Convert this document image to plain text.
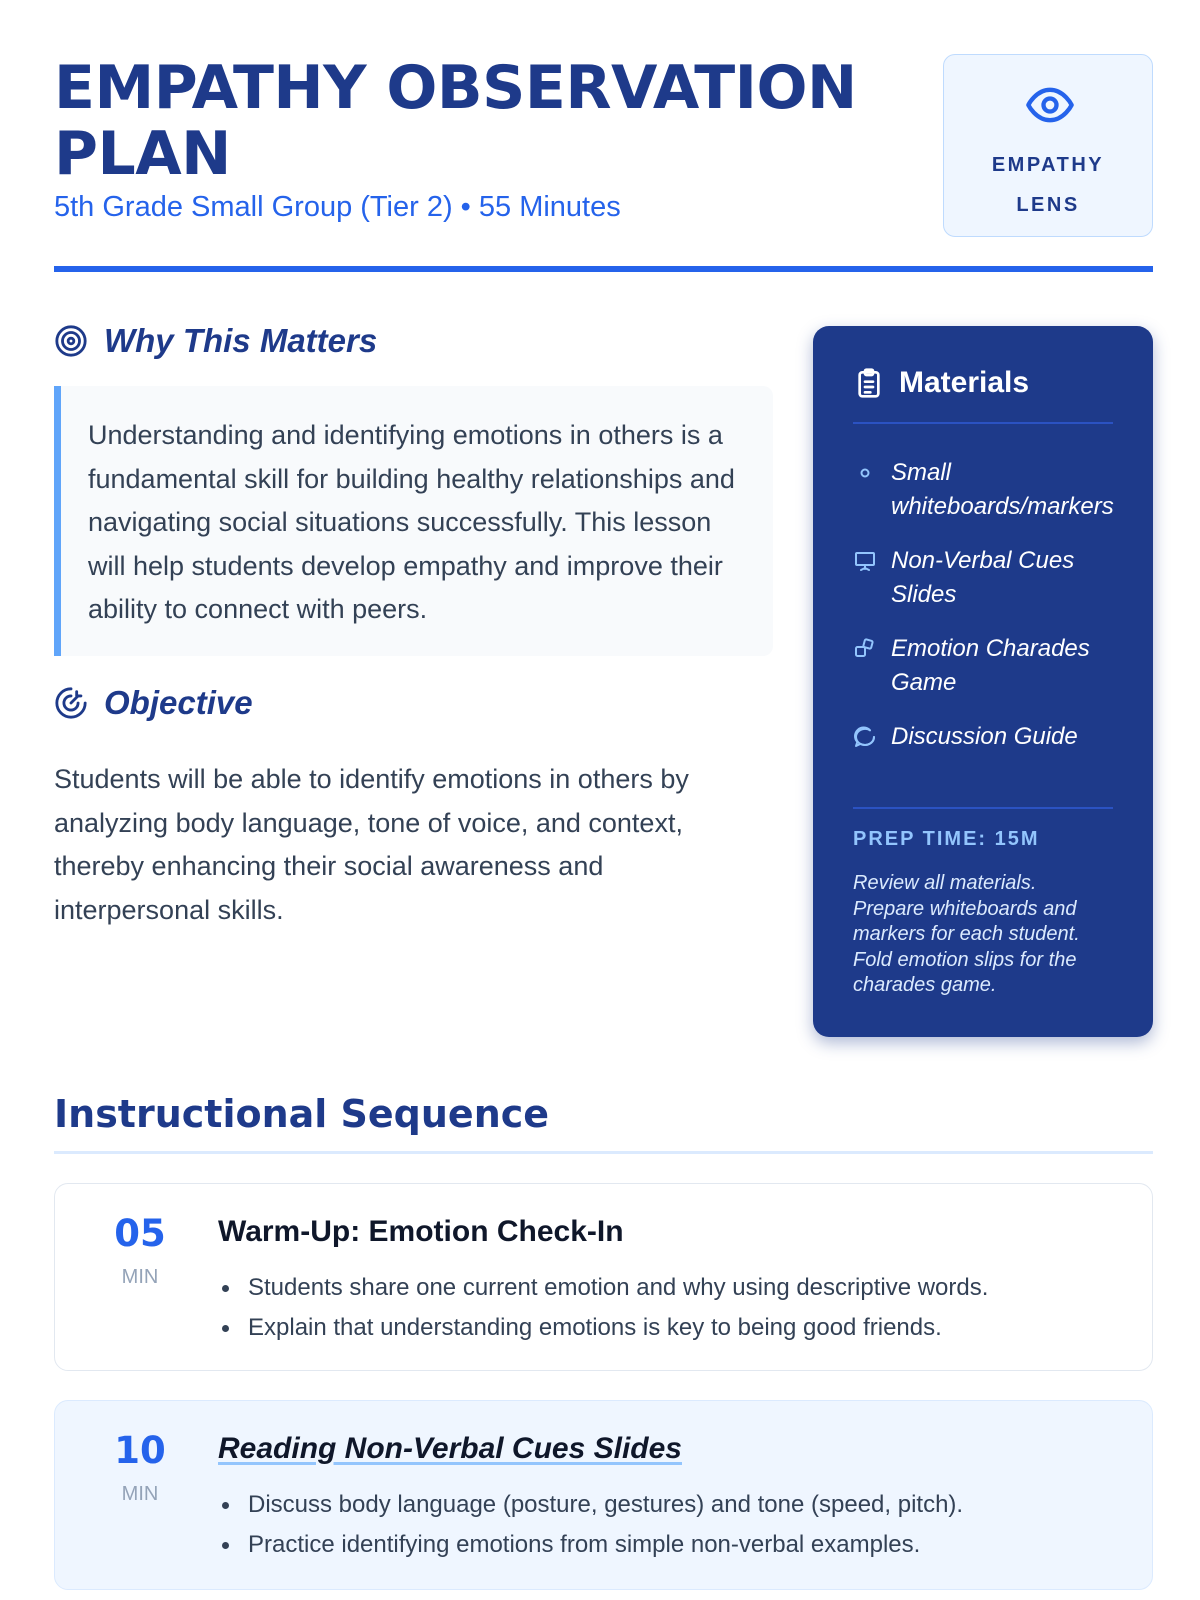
EMPATHY OBSERVATION PLAN
5th Grade Small Group (Tier 2) • 55 Minutes
EMPATHY
LENS
Why This Matters
Understanding and identifying emotions in others is a fundamental skill for building healthy relationships and navigating social situations successfully. This lesson will help students develop empathy and improve their ability to connect with peers.
Objective

Students will be able to identify emotions in others by analyzing body language, tone of voice, and context, thereby enhancing their social awareness and interpersonal skills.

Materials
Small whiteboards/markers
Non-Verbal Cues Slides
Emotion Charades Game
Discussion Guide
PREP TIME: 15M

Review all materials. Prepare whiteboards and markers for each student. Fold emotion slips for the charades game.

Instructional Sequence
05
MIN
Warm-Up: Emotion Check-In
Students share one current emotion and why using descriptive words.
Explain that understanding emotions is key to being good friends.
10
MIN
Reading Non-Verbal Cues Slides
Discuss body language (posture, gestures) and tone (speed, pitch).
Practice identifying emotions from simple non-verbal examples.
